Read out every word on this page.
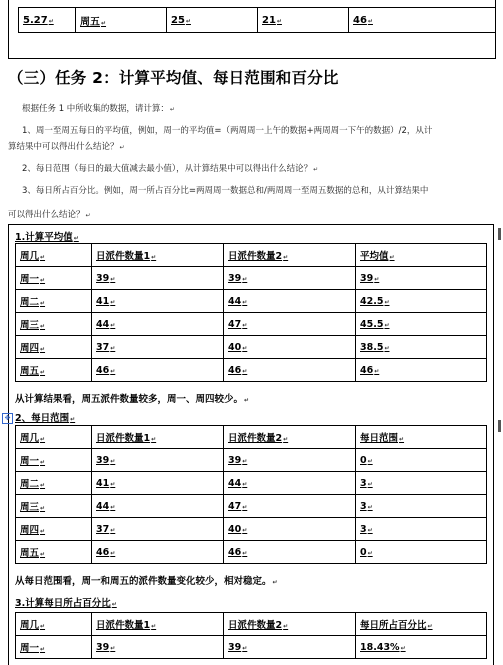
5.27↵	周五↵	25↵	21↵	46↵
（三）任务 2：计算平均值、每日范围和百分比
根据任务 1 中所收集的数据，请计算：↵
1、周一至周五每日的平均值，例如，周一的平均值=（两周周一上午的数据+两周周一下午的数据）/2，从计
算结果中可以得出什么结论？↵
2、每日范围（每日的最大值减去最小值），从计算结果中可以得出什么结论？↵
3、每日所占百分比。例如，周一所占百分比=两周周一数据总和/两周周一至周五数据的总和，从计算结果中
可以得出什么结论？↵
1.计算平均值↵
周几↵	日派件数量1↵	日派件数量2↵	平均值↵
周一↵	39↵	39↵	39↵
周二↵	41↵	44↵	42.5↵
周三↵	44↵	47↵	45.5↵
周四↵	37↵	40↵	38.5↵
周五↵	46↵	46↵	46↵
从计算结果看，周五派件数量较多，周一、周四较少。↵
✥ 2、每日范围↵
周几↵	日派件数量1↵	日派件数量2↵	每日范围↵
周一↵	39↵	39↵	0↵
周二↵	41↵	44↵	3↵
周三↵	44↵	47↵	3↵
周四↵	37↵	40↵	3↵
周五↵	46↵	46↵	0↵
从每日范围看，周一和周五的派件数量变化较少，相对稳定。↵
3.计算每日所占百分比↵
周几↵	日派件数量1↵	日派件数量2↵	每日所占百分比↵
周一↵	39↵	39↵	18.43%↵
